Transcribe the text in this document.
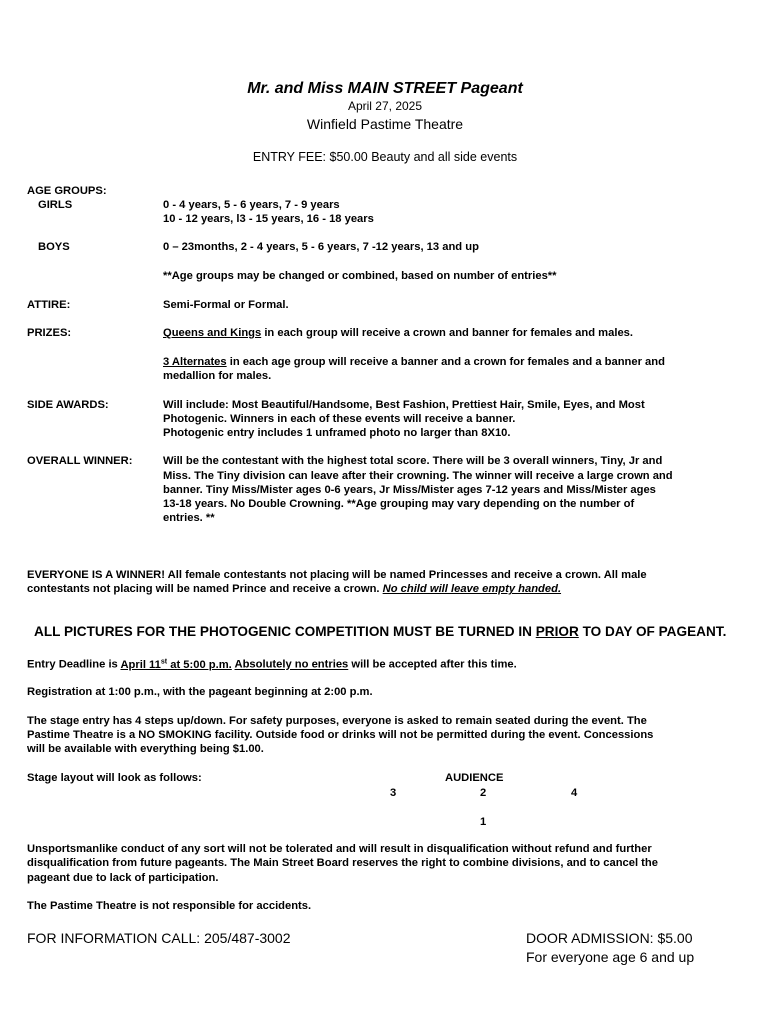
Mr. and Miss MAIN STREET Pageant
April 27, 2025
Winfield Pastime Theatre
ENTRY FEE: $50.00 Beauty and all side events
AGE GROUPS:
GIRLS	0 - 4 years, 5 - 6 years, 7 - 9 years
10 - 12 years, l3 - 15 years, 16 - 18 years
BOYS	0 – 23months, 2 - 4 years, 5 - 6 years, 7 -12 years, 13 and up
**Age groups may be changed or combined, based on number of entries**
ATTIRE:	Semi-Formal or Formal.
PRIZES:	Queens and Kings in each group will receive a crown and banner for females and males.
3 Alternates in each age group will receive a banner and a crown for females and a banner and
medallion for males.
SIDE AWARDS:	Will include: Most Beautiful/Handsome, Best Fashion, Prettiest Hair, Smile, Eyes, and Most
Photogenic. Winners in each of these events will receive a banner.
Photogenic entry includes 1 unframed photo no larger than 8X10.
OVERALL WINNER:	Will be the contestant with the highest total score. There will be 3 overall winners, Tiny, Jr and
Miss. The Tiny division can leave after their crowning. The winner will receive a large crown and
banner. Tiny Miss/Mister ages 0-6 years, Jr Miss/Mister ages 7-12 years and Miss/Mister ages
13-18 years. No Double Crowning. **Age grouping may vary depending on the number of
entries. **
EVERYONE IS A WINNER! All female contestants not placing will be named Princesses and receive a crown. All male
contestants not placing will be named Prince and receive a crown. No child will leave empty handed.
ALL PICTURES FOR THE PHOTOGENIC COMPETITION MUST BE TURNED IN PRIOR TO DAY OF PAGEANT.
Entry Deadline is April 11st at 5:00 p.m. Absolutely no entries will be accepted after this time.
Registration at 1:00 p.m., with the pageant beginning at 2:00 p.m.
The stage entry has 4 steps up/down. For safety purposes, everyone is asked to remain seated during the event. The
Pastime Theatre is a NO SMOKING facility. Outside food or drinks will not be permitted during the event. Concessions
will be available with everything being $1.00.
Stage layout will look as follows:	AUDIENCE
3	2	4
1
Unsportsmanlike conduct of any sort will not be tolerated and will result in disqualification without refund and further
disqualification from future pageants. The Main Street Board reserves the right to combine divisions, and to cancel the
pageant due to lack of participation.
The Pastime Theatre is not responsible for accidents.
FOR INFORMATION CALL: 205/487-3002	DOOR ADMISSION: $5.00
For everyone age 6 and up
